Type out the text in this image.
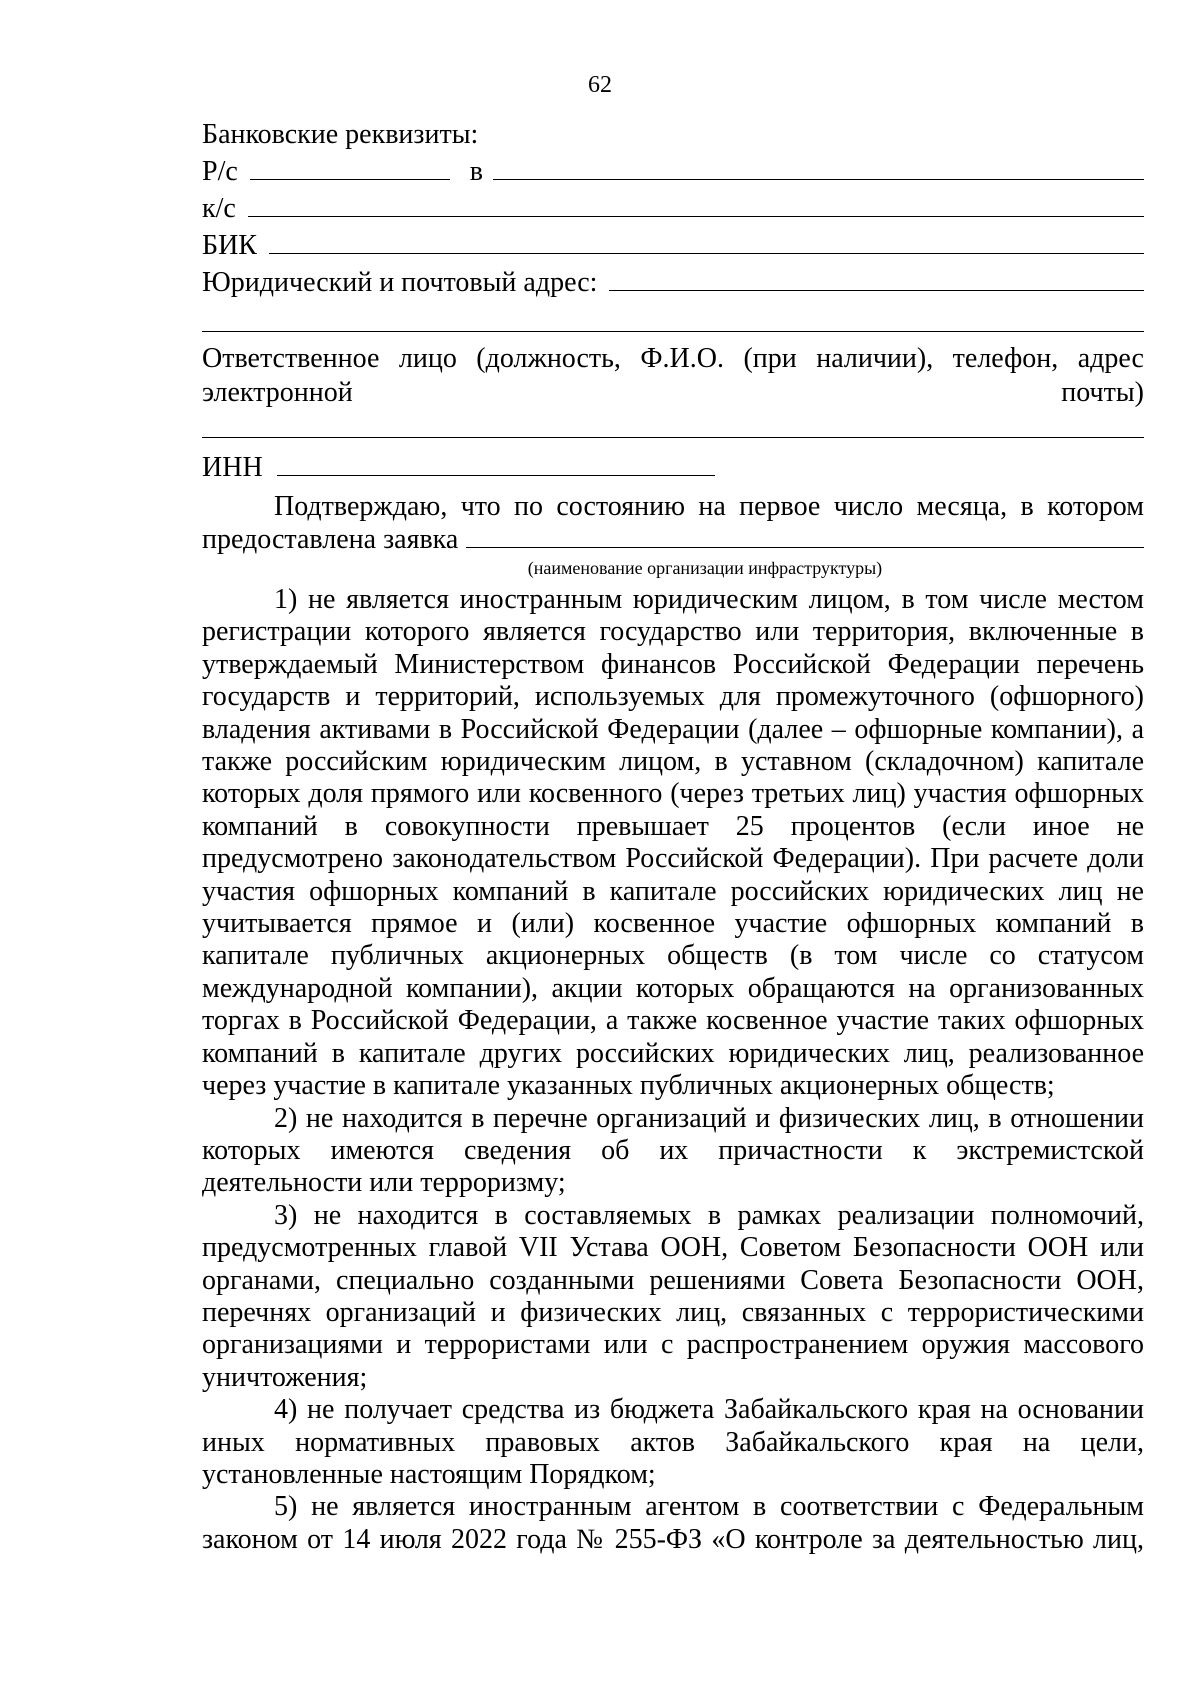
62
Банковские реквизиты:
Р/с	в
к/с
БИК
Юридический и почтовый адрес:
Ответственное лицо (должность, Ф.И.О. (при наличии), телефон, адрес
электронной	почты)
ИНН
Подтверждаю, что по состоянию на первое число месяца, в котором
предоставлена заявка
(наименование организации инфраструктуры)

1) не является иностранным юридическим лицом, в том числе местом регистрации которого является государство или территория, включенные в утверждаемый Министерством финансов Российской Федерации перечень государств и территорий, используемых для промежуточного (офшорного) владения активами в Российской Федерации (далее – офшорные компании), а также российским юридическим лицом, в уставном (складочном) капитале которых доля прямого или косвенного (через третьих лиц) участия офшорных компаний в совокупности превышает 25 процентов (если иное не предусмотрено законодательством Российской Федерации). При расчете доли участия офшорных компаний в капитале российских юридических лиц не учитывается прямое и (или) косвенное участие офшорных компаний в капитале публичных акционерных обществ (в том числе со статусом международной компании), акции которых обращаются на организованных торгах в Российской Федерации, а также косвенное участие таких офшорных компаний в капитале других российских юридических лиц, реализованное через участие в капитале указанных публичных акционерных обществ;

2) не находится в перечне организаций и физических лиц, в отношении которых имеются сведения об их причастности к экстремистской деятельности или терроризму;

3) не находится в составляемых в рамках реализации полномочий, предусмотренных главой VII Устава ООН, Советом Безопасности ООН или органами, специально созданными решениями Совета Безопасности ООН, перечнях организаций и физических лиц, связанных с террористическими организациями и террористами или с распространением оружия массового уничтожения;

4) не получает средства из бюджета Забайкальского края на основании иных нормативных правовых актов Забайкальского края на цели, установленные настоящим Порядком;

5) не является иностранным агентом в соответствии с Федеральным законом от 14 июля 2022 года № 255-ФЗ «О контроле за деятельностью лиц,
